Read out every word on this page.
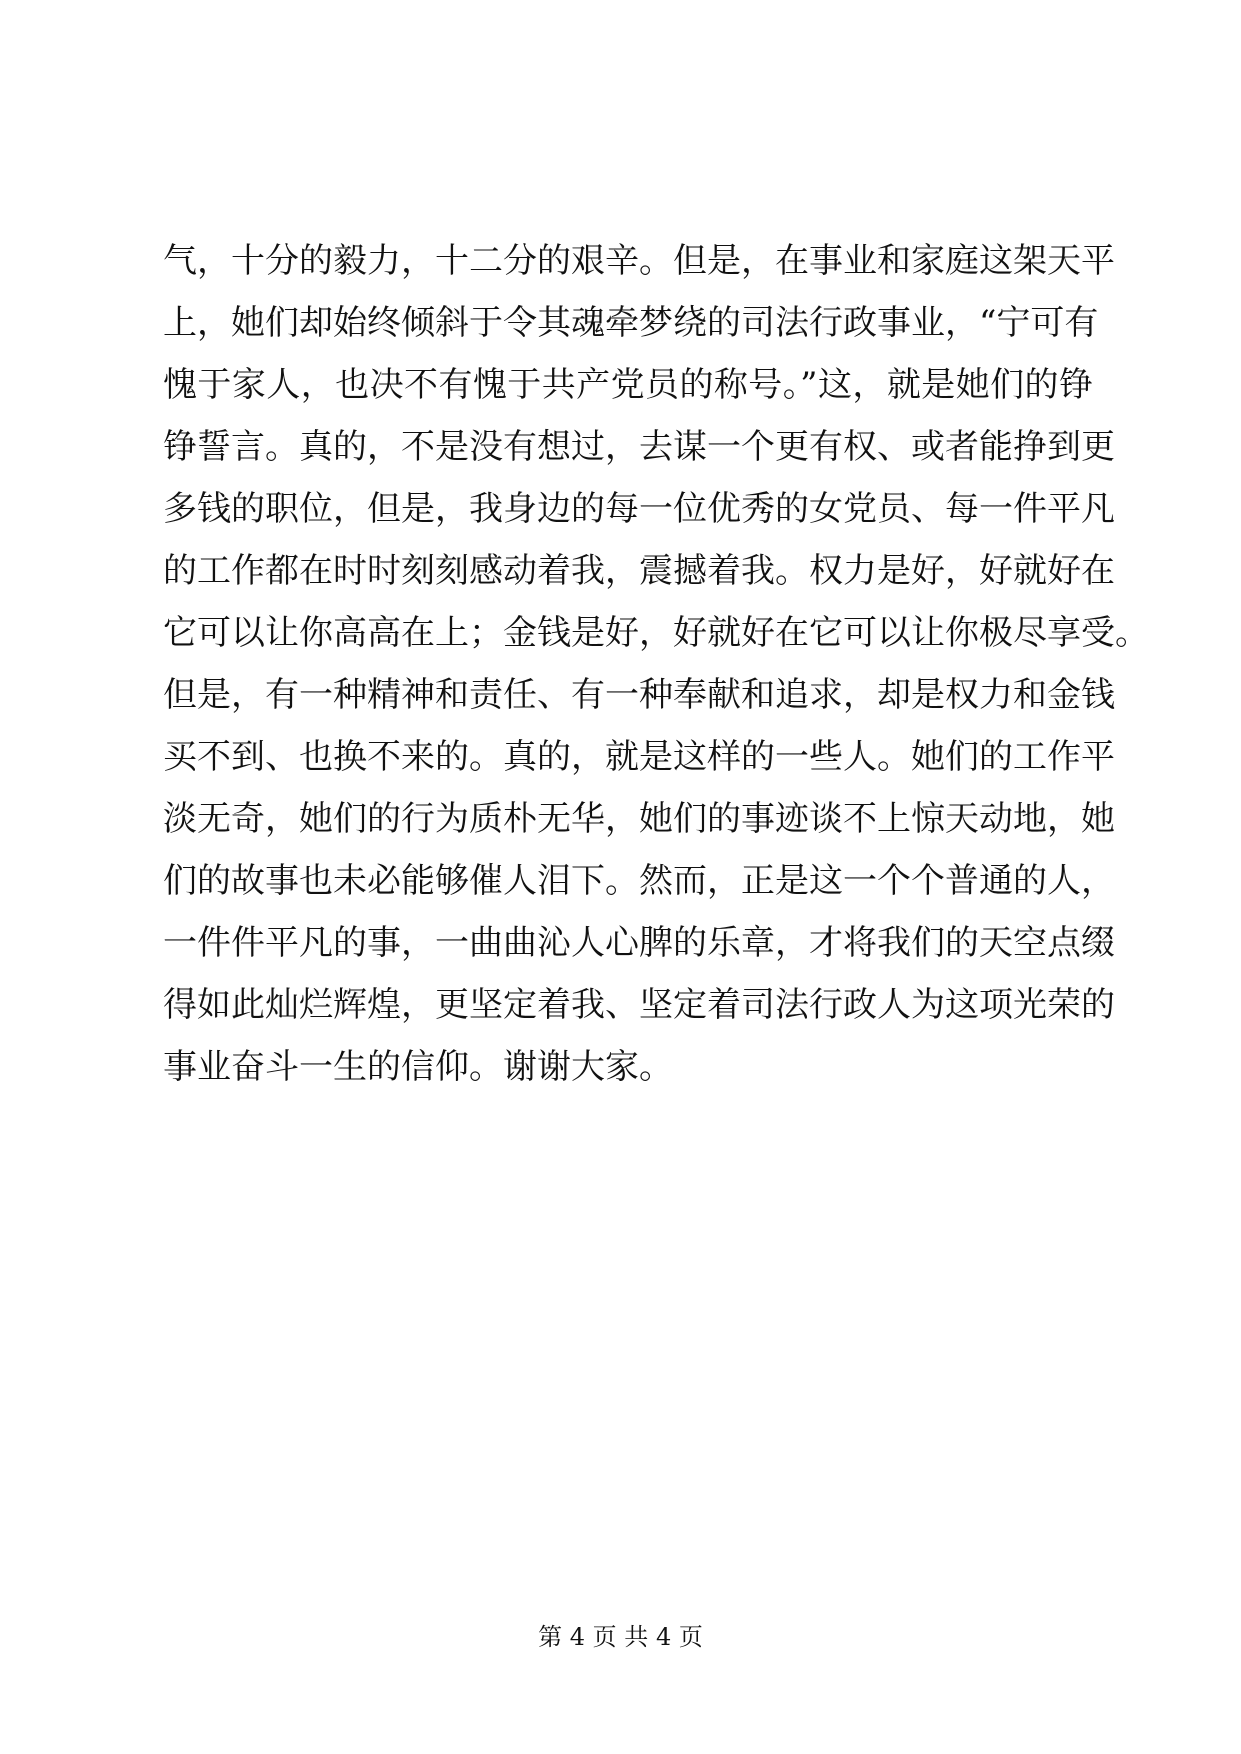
气，十分的毅力，十二分的艰辛。但是，在事业和家庭这架天平
上，她们却始终倾斜于令其魂牵梦绕的司法行政事业，“宁可有
愧于家人，也决不有愧于共产党员的称号。”这，就是她们的铮
铮誓言。真的，不是没有想过，去谋一个更有权、或者能挣到更
多钱的职位，但是，我身边的每一位优秀的女党员、每一件平凡
的工作都在时时刻刻感动着我，震撼着我。权力是好，好就好在
它可以让你高高在上；金钱是好，好就好在它可以让你极尽享受。
但是，有一种精神和责任、有一种奉献和追求，却是权力和金钱
买不到、也换不来的。真的，就是这样的一些人。她们的工作平
淡无奇，她们的行为质朴无华，她们的事迹谈不上惊天动地，她
们的故事也未必能够催人泪下。然而，正是这一个个普通的人，
一件件平凡的事，一曲曲沁人心脾的乐章，才将我们的天空点缀
得如此灿烂辉煌，更坚定着我、坚定着司法行政人为这项光荣的
事业奋斗一生的信仰。谢谢大家。
第 4 页 共 4 页
